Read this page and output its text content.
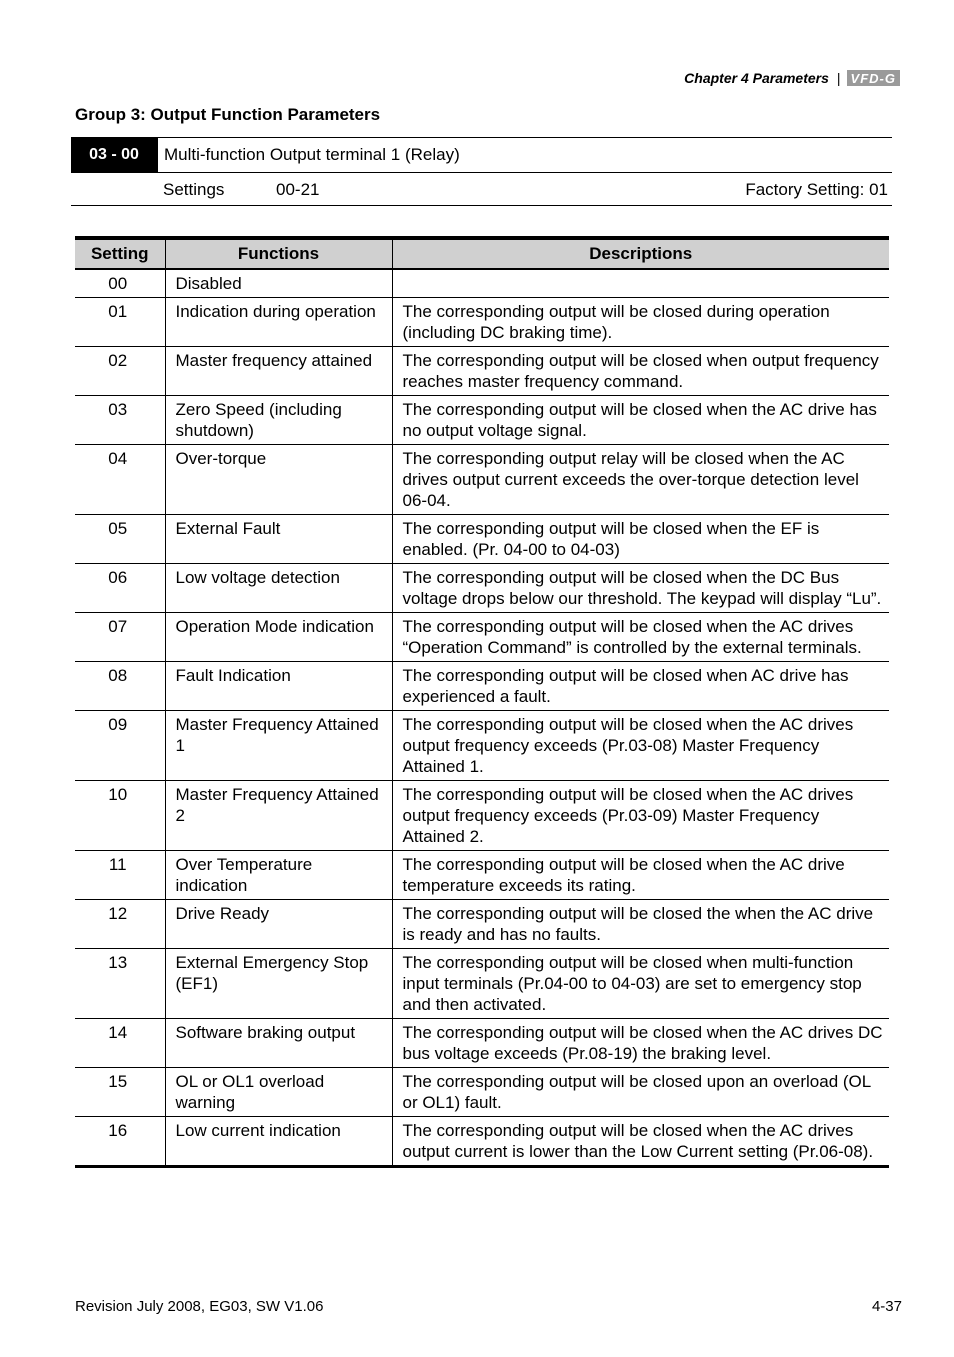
Chapter 4 Parameters | VFD-G
Group 3: Output Function Parameters
03 - 00	Multi-function Output terminal 1 (Relay)
Settings	00-21	Factory Setting: 01
Setting	Functions	Descriptions
00	Disabled	
01	Indication during operation	The corresponding output will be closed during operation (including DC braking time).
02	Master frequency attained	The corresponding output will be closed when output frequency reaches master frequency command.
03	Zero Speed (including shutdown)	The corresponding output will be closed when the AC drive has no output voltage signal.
04	Over-torque	The corresponding output relay will be closed when the AC drives output current exceeds the over-torque detection level 06-04.
05	External Fault	The corresponding output will be closed when the EF is enabled. (Pr. 04-00 to 04-03)
06	Low voltage detection	The corresponding output will be closed when the DC Bus voltage drops below our threshold. The keypad will display “Lu”.
07	Operation Mode indication	The corresponding output will be closed when the AC drives “Operation Command” is controlled by the external terminals.
08	Fault Indication	The corresponding output will be closed when AC drive has experienced a fault.
09	Master Frequency Attained 1	The corresponding output will be closed when the AC drives output frequency exceeds (Pr.03-08) Master Frequency Attained 1.
10	Master Frequency Attained 2	The corresponding output will be closed when the AC drives output frequency exceeds (Pr.03-09) Master Frequency Attained 2.
11	Over Temperature indication	The corresponding output will be closed when the AC drive temperature exceeds its rating.
12	Drive Ready	The corresponding output will be closed the when the AC drive is ready and has no faults.
13	External Emergency Stop (EF1)	The corresponding output will be closed when multi-function input terminals (Pr.04-00 to 04-03) are set to emergency stop and then activated.
14	Software braking output	The corresponding output will be closed when the AC drives DC bus voltage exceeds (Pr.08-19) the braking level.
15	OL or OL1 overload warning	The corresponding output will be closed upon an overload (OL or OL1) fault.
16	Low current indication	The corresponding output will be closed when the AC drives output current is lower than the Low Current setting (Pr.06-08).
Revision July 2008, EG03, SW V1.06	4-37
